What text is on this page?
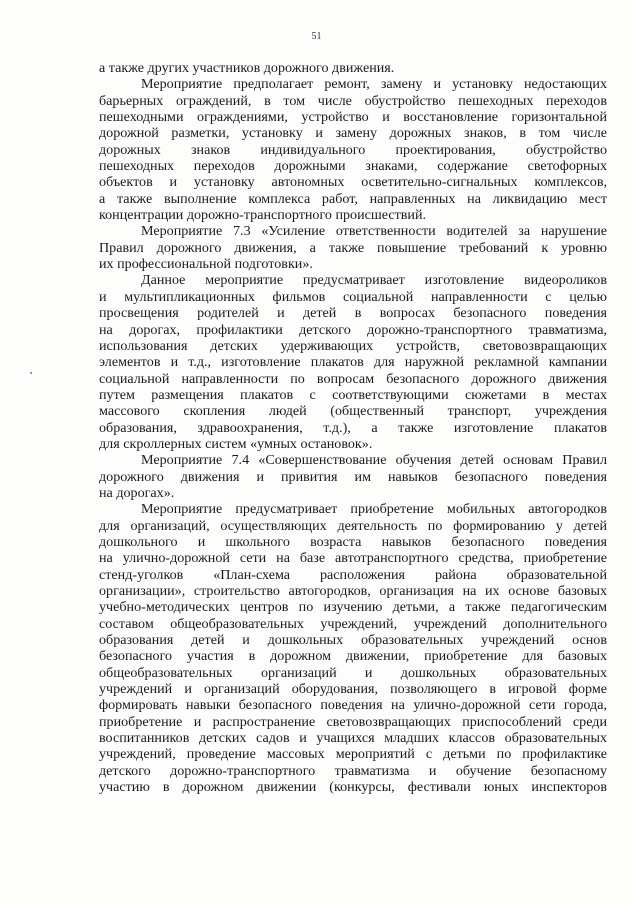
51
а также других участников дорожного движения.
Мероприятие предполагает ремонт, замену и установку недостающих
барьерных ограждений, в том числе обустройство пешеходных переходов
пешеходными ограждениями, устройство и восстановление горизонтальной
дорожной разметки, установку и замену дорожных знаков, в том числе
дорожных знаков индивидуального проектирования, обустройство
пешеходных переходов дорожными знаками, содержание светофорных
объектов и установку автономных осветительно-сигнальных комплексов,
а также выполнение комплекса работ, направленных на ликвидацию мест
концентрации дорожно-транспортного происшествий.
Мероприятие 7.3 «Усиление ответственности водителей за нарушение
Правил дорожного движения, а также повышение требований к уровню
их профессиональной подготовки».
Данное мероприятие предусматривает изготовление видеороликов
и мультипликационных фильмов социальной направленности с целью
просвещения родителей и детей в вопросах безопасного поведения
на дорогах, профилактики детского дорожно-транспортного травматизма,
использования детских удерживающих устройств, световозвращающих
элементов и т.д., изготовление плакатов для наружной рекламной кампании
социальной направленности по вопросам безопасного дорожного движения
путем размещения плакатов с соответствующими сюжетами в местах
массового скопления людей (общественный транспорт, учреждения
образования, здравоохранения, т.д.), а также изготовление плакатов
для скроллерных систем «умных остановок».
Мероприятие 7.4 «Совершенствование обучения детей основам Правил
дорожного движения и привития им навыков безопасного поведения
на дорогах».
Мероприятие предусматривает приобретение мобильных автогородков
для организаций, осуществляющих деятельность по формированию у детей
дошкольного и школьного возраста навыков безопасного поведения
на улично-дорожной сети на базе автотранспортного средства, приобретение
стенд-уголков «План-схема расположения района образовательной
организации», строительство автогородков, организация на их основе базовых
учебно-методических центров по изучению детьми, а также педагогическим
составом общеобразовательных учреждений, учреждений дополнительного
образования детей и дошкольных образовательных учреждений основ
безопасного участия в дорожном движении, приобретение для базовых
общеобразовательных организаций и дошкольных образовательных
учреждений и организаций оборудования, позволяющего в игровой форме
формировать навыки безопасного поведения на улично-дорожной сети города,
приобретение и распространение световозвращающих приспособлений среди
воспитанников детских садов и учащихся младших классов образовательных
учреждений, проведение массовых мероприятий с детьми по профилактике
детского дорожно-транспортного травматизма и обучение безопасному
участию в дорожном движении (конкурсы, фестивали юных инспекторов
